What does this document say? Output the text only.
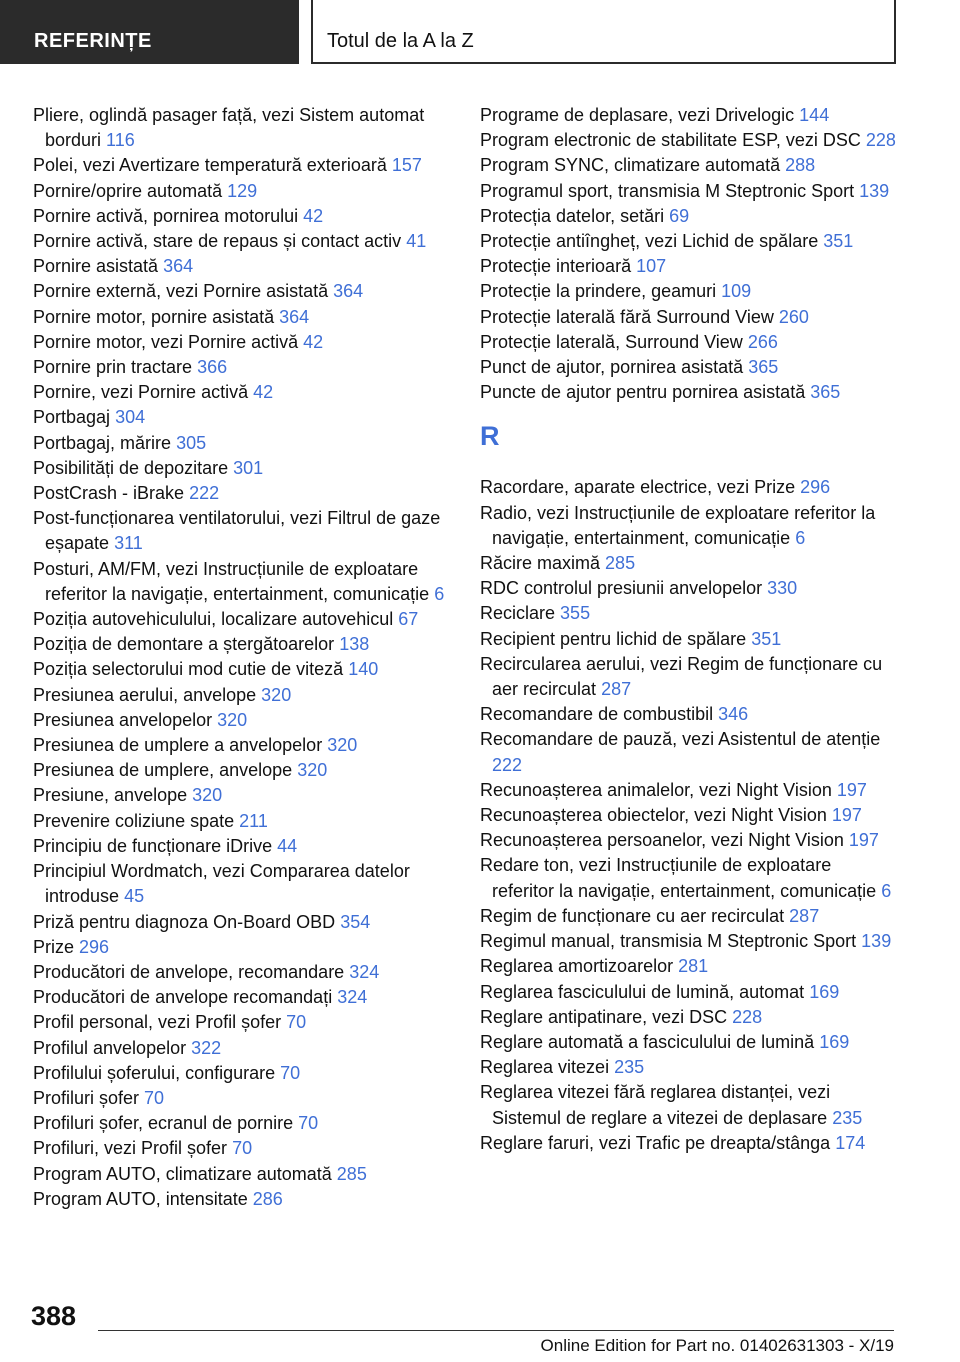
REFERINȚE	Totul de la A la Z
Pliere, oglindă pasager față, vezi Sistem automat borduri 116
Polei, vezi Avertizare temperatură exterioară 157
Pornire/oprire automată 129
Pornire activă, pornirea motorului 42
Pornire activă, stare de repaus și contact activ 41
Pornire asistată 364
Pornire externă, vezi Pornire asistată 364
Pornire motor, pornire asistată 364
Pornire motor, vezi Pornire activă 42
Pornire prin tractare 366
Pornire, vezi Pornire activă 42
Portbagaj 304
Portbagaj, mărire 305
Posibilități de depozitare 301
PostCrash - iBrake 222
Post-funcționarea ventilatorului, vezi Filtrul de gaze eșapate 311
Posturi, AM/FM, vezi Instrucțiunile de exploatare referitor la navigație, entertainment, comunicație 6
Poziția autovehiculului, localizare autovehicul 67
Poziția de demontare a ștergătoarelor 138
Poziția selectorului mod cutie de viteză 140
Presiunea aerului, anvelope 320
Presiunea anvelopelor 320
Presiunea de umplere a anvelopelor 320
Presiunea de umplere, anvelope 320
Presiune, anvelope 320
Prevenire coliziune spate 211
Principiu de funcționare iDrive 44
Principiul Wordmatch, vezi Compararea datelor introduse 45
Priză pentru diagnoza On-Board OBD 354
Prize 296
Producători de anvelope, recomandare 324
Producători de anvelope recomandați 324
Profil personal, vezi Profil șofer 70
Profilul anvelopelor 322
Profilului șoferului, configurare 70
Profiluri șofer 70
Profiluri șofer, ecranul de pornire 70
Profiluri, vezi Profil șofer 70
Program AUTO, climatizare automată 285
Program AUTO, intensitate 286
Programe de deplasare, vezi Drivelogic 144
Program electronic de stabilitate ESP, vezi DSC 228
Program SYNC, climatizare automată 288
Programul sport, transmisia M Steptronic Sport 139
Protecția datelor, setări 69
Protecție antiîngheț, vezi Lichid de spălare 351
Protecție interioară 107
Protecție la prindere, geamuri 109
Protecție laterală fără Surround View 260
Protecție laterală, Surround View 266
Punct de ajutor, pornirea asistată 365
Puncte de ajutor pentru pornirea asistată 365
R
Racordare, aparate electrice, vezi Prize 296
Radio, vezi Instrucțiunile de exploatare referitor la navigație, entertainment, comunicație 6
Răcire maximă 285
RDC controlul presiunii anvelopelor 330
Reciclare 355
Recipient pentru lichid de spălare 351
Recircularea aerului, vezi Regim de funcționare cu aer recirculat 287
Recomandare de combustibil 346
Recomandare de pauză, vezi Asistentul de atenție 222
Recunoașterea animalelor, vezi Night Vision 197
Recunoașterea obiectelor, vezi Night Vision 197
Recunoașterea persoanelor, vezi Night Vision 197
Redare ton, vezi Instrucțiunile de exploatare referitor la navigație, entertainment, comunicație 6
Regim de funcționare cu aer recirculat 287
Regimul manual, transmisia M Steptronic Sport 139
Reglarea amortizoarelor 281
Reglarea fasciculului de lumină, automat 169
Reglare antipatinare, vezi DSC 228
Reglare automată a fasciculului de lumină 169
Reglarea vitezei 235
Reglarea vitezei fără reglarea distanței, vezi Sistemul de reglare a vitezei de deplasare 235
Reglare faruri, vezi Trafic pe dreapta/stânga 174
388
Online Edition for Part no. 01402631303 - X/19
